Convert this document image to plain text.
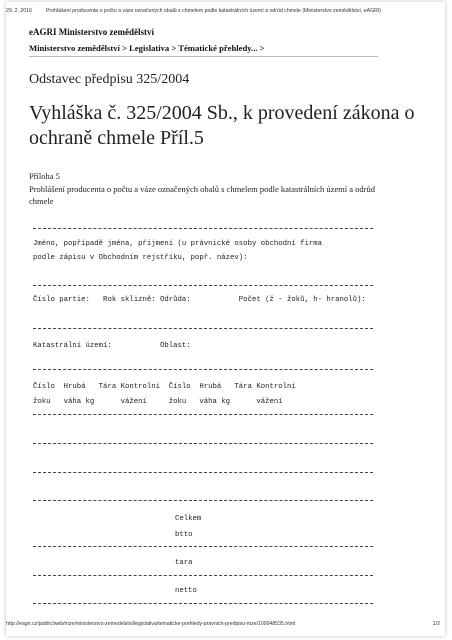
29. 2. 2016	Prohlášení producenta o počtu a váze označených obalů s chmelem podle katastrálních území a odrůd chmele (Ministerstvo zemědělství, eAGRI)
eAGRI Ministerstvo zemědělství
Ministerstvo zemědělství > Legislativa > Tématické přehledy... >
Odstavec předpisu 325/2004
Vyhláška č. 325/2004 Sb., k provedení zákona o ochraně chmele Příl.5
Příloha 5
Prohlášení producenta o počtu a váze označených obalů s chmelem podle katastrálních území a odrůd chmele
Jméno, popřípadě jména, příjmení (u právnické osoby obchodní firma
podle zápisu v Obchodním rejstříku, popř. název):
Číslo partie:   Rok sklizně: Odrůda:           Počet (ž - žoků, h- hranolů):
Katastrální území:           Oblast:
Číslo  Hrubá   Tára Kontrolní  Číslo  Hrubá   Tára Kontrolní
žoku   váha kg      vážení     žoku   váha kg      vážení
Celkem
btto
tara
netto
http://eagri.cz/public/web/mze/ministerstvo-zemedelstvi/legislativa/tematicke-prehledy-pravnich-predpisu-mze/100048535.html	1/2
